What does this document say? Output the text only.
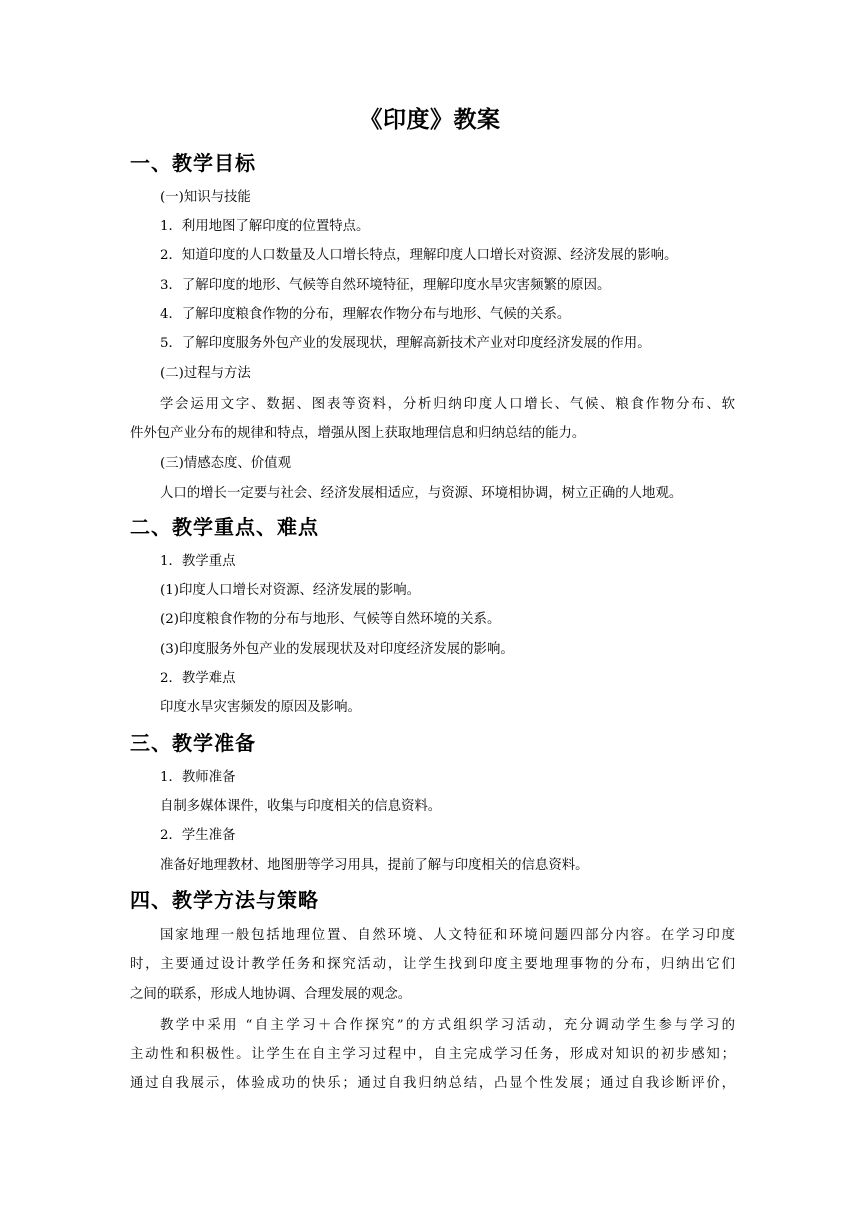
《印度》教案
一、教学目标
(一)知识与技能
1．利用地图了解印度的位置特点。
2．知道印度的人口数量及人口增长特点，理解印度人口增长对资源、经济发展的影响。
3．了解印度的地形、气候等自然环境特征，理解印度水旱灾害频繁的原因。
4．了解印度粮食作物的分布，理解农作物分布与地形、气候的关系。
5．了解印度服务外包产业的发展现状，理解高新技术产业对印度经济发展的作用。
(二)过程与方法
学会运用文字、数据、图表等资料，分析归纳印度人口增长、气候、粮食作物分布、软
件外包产业分布的规律和特点，增强从图上获取地理信息和归纳总结的能力。
(三)情感态度、价值观
人口的增长一定要与社会、经济发展相适应，与资源、环境相协调，树立正确的人地观。
二、教学重点、难点
1．教学重点
(1)印度人口增长对资源、经济发展的影响。
(2)印度粮食作物的分布与地形、气候等自然环境的关系。
(3)印度服务外包产业的发展现状及对印度经济发展的影响。
2．教学难点
印度水旱灾害频发的原因及影响。
三、教学准备
1．教师准备
自制多媒体课件，收集与印度相关的信息资料。
2．学生准备
准备好地理教材、地图册等学习用具，提前了解与印度相关的信息资料。
四、教学方法与策略
国家地理一般包括地理位置、自然环境、人文特征和环境问题四部分内容。在学习印度
时，主要通过设计教学任务和探究活动，让学生找到印度主要地理事物的分布，归纳出它们
之间的联系，形成人地协调、合理发展的观念。
教学中采用 “自主学习＋合作探究”的方式组织学习活动，充分调动学生参与学习的
主动性和积极性。让学生在自主学习过程中，自主完成学习任务，形成对知识的初步感知；
通过自我展示，体验成功的快乐；通过自我归纳总结，凸显个性发展；通过自我诊断评价，
